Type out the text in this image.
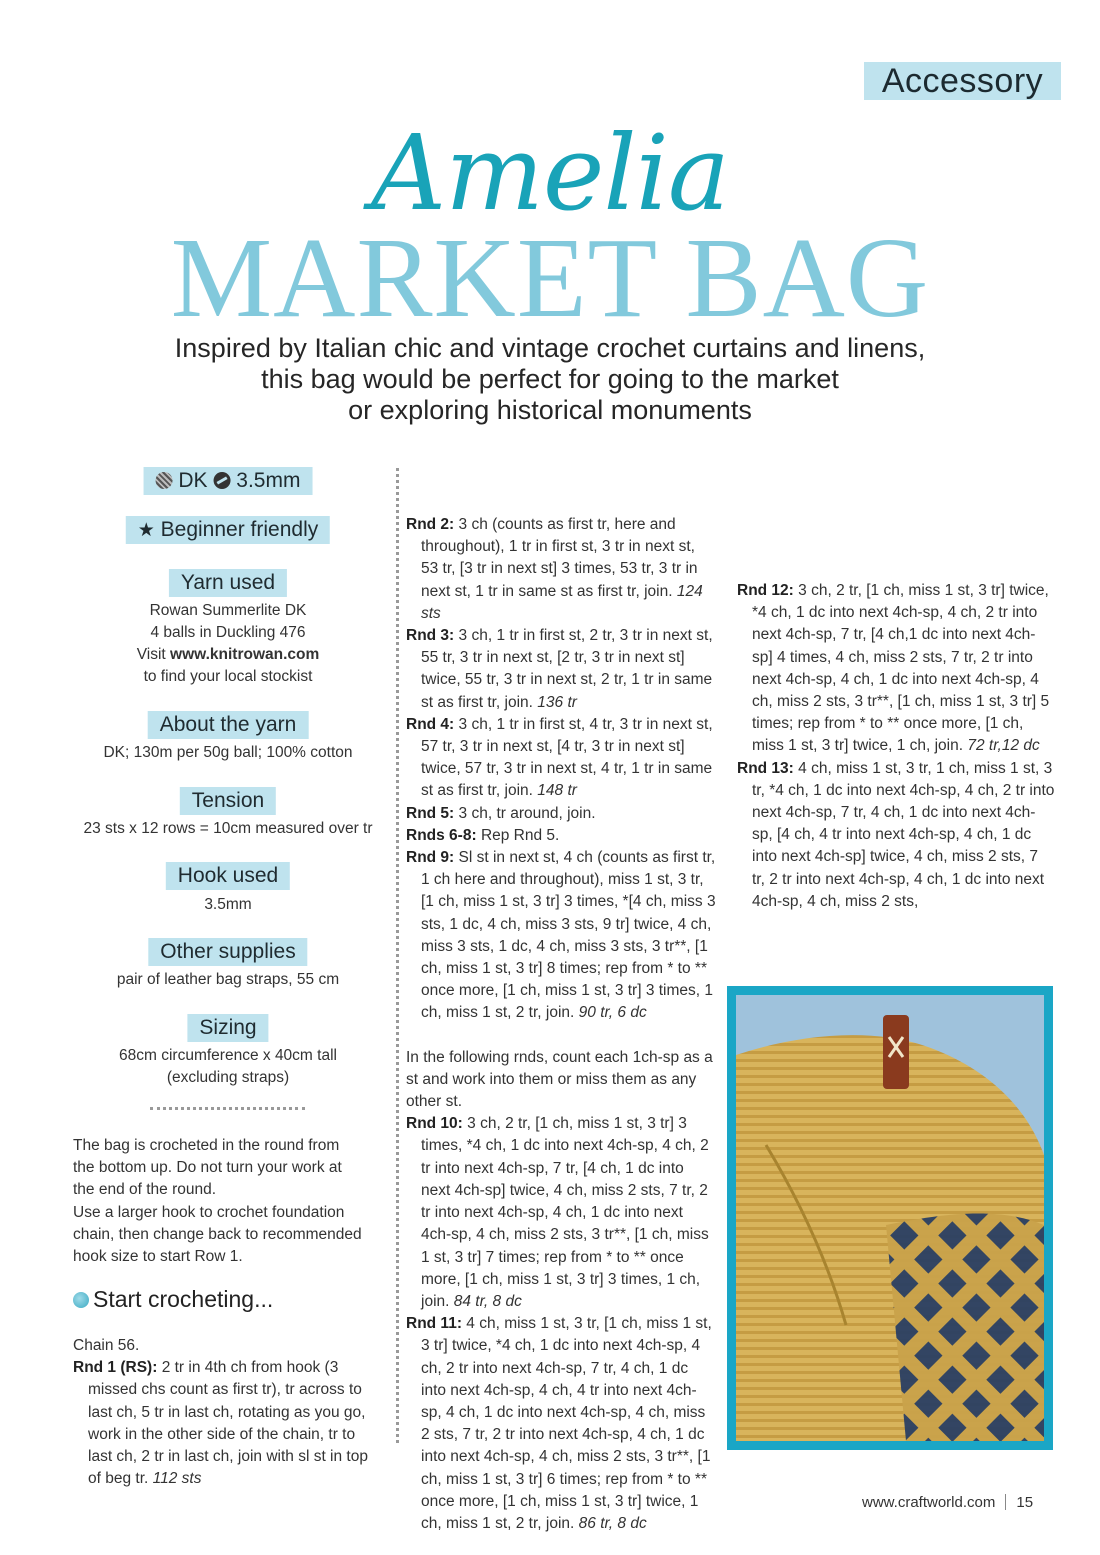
Accessory
Amelia
MARKET BAG
Inspired by Italian chic and vintage crochet curtains and linens,
this bag would be perfect for going to the market
or exploring historical monuments
DK 3.5mm
★ Beginner friendly
Yarn used
Rowan Summerlite DK
4 balls in Duckling 476
Visit www.knitrowan.com
to find your local stockist
About the yarn
DK; 130m per 50g ball; 100% cotton
Tension
23 sts x 12 rows = 10cm measured over tr
Hook used
3.5mm
Other supplies
pair of leather bag straps, 55 cm
Sizing
68cm circumference x 40cm tall
(excluding straps)

The bag is crocheted in the round from

the bottom up. Do not turn your work at

the end of the round.

Use a larger hook to crochet foundation

chain, then change back to recommended

hook size to start Row 1.

Start crocheting...

Chain 56.

Rnd 1 (RS): 2 tr in 4th ch from hook (3 missed chs count as first tr), tr across to last ch, 5 tr in last ch, rotating as you go, work in the other side of the chain, tr to last ch, 2 tr in last ch, join with sl st in top of beg tr. 112 sts

Rnd 2: 3 ch (counts as first tr, here and throughout), 1 tr in first st, 3 tr in next st, 53 tr, [3 tr in next st] 3 times, 53 tr, 3 tr in next st, 1 tr in same st as first tr, join. 124 sts

Rnd 3: 3 ch, 1 tr in first st, 2 tr, 3 tr in next st, 55 tr, 3 tr in next st, [2 tr, 3 tr in next st] twice, 55 tr, 3 tr in next st, 2 tr, 1 tr in same st as first tr, join. 136 tr

Rnd 4: 3 ch, 1 tr in first st, 4 tr, 3 tr in next st, 57 tr, 3 tr in next st, [4 tr, 3 tr in next st] twice, 57 tr, 3 tr in next st, 4 tr, 1 tr in same st as first tr, join. 148 tr

Rnd 5: 3 ch, tr around, join.

Rnds 6-8: Rep Rnd 5.

Rnd 9: Sl st in next st, 4 ch (counts as first tr, 1 ch here and throughout), miss 1 st, 3 tr, [1 ch, miss 1 st, 3 tr] 3 times, *[4 ch, miss 3 sts, 1 dc, 4 ch, miss 3 sts, 9 tr] twice, 4 ch, miss 3 sts, 1 dc, 4 ch, miss 3 sts, 3 tr**, [1 ch, miss 1 st, 3 tr] 8 times; rep from * to ** once more, [1 ch, miss 1 st, 3 tr] 3 times, 1 ch, miss 1 st, 2 tr, join. 90 tr, 6 dc

In the following rnds, count each 1ch-sp as a st and work into them or miss them as any other st.

Rnd 10: 3 ch, 2 tr, [1 ch, miss 1 st, 3 tr] 3 times, *4 ch, 1 dc into next 4ch-sp, 4 ch, 2 tr into next 4ch-sp, 7 tr, [4 ch, 1 dc into next 4ch-sp] twice, 4 ch, miss 2 sts, 7 tr, 2 tr into next 4ch-sp, 4 ch, 1 dc into next 4ch-sp, 4 ch, miss 2 sts, 3 tr**, [1 ch, miss 1 st, 3 tr] 7 times; rep from * to ** once more, [1 ch, miss 1 st, 3 tr] 3 times, 1 ch, join. 84 tr, 8 dc

Rnd 11: 4 ch, miss 1 st, 3 tr, [1 ch, miss 1 st, 3 tr] twice, *4 ch, 1 dc into next 4ch-sp, 4 ch, 2 tr into next 4ch-sp, 7 tr, 4 ch, 1 dc into next 4ch-sp, 4 ch, 4 tr into next 4ch-sp, 4 ch, 1 dc into next 4ch-sp, 4 ch, miss 2 sts, 7 tr, 2 tr into next 4ch-sp, 4 ch, 1 dc into next 4ch-sp, 4 ch, miss 2 sts, 3 tr**, [1 ch, miss 1 st, 3 tr] 6 times; rep from * to ** once more, [1 ch, miss 1 st, 3 tr] twice, 1 ch, miss 1 st, 2 tr, join. 86 tr, 8 dc

Rnd 12: 3 ch, 2 tr, [1 ch, miss 1 st, 3 tr] twice, *4 ch, 1 dc into next 4ch-sp, 4 ch, 2 tr into next 4ch-sp, 7 tr, [4 ch,1 dc into next 4ch-sp] 4 times, 4 ch, miss 2 sts, 7 tr, 2 tr into next 4ch-sp, 4 ch, 1 dc into next 4ch-sp, 4 ch, miss 2 sts, 3 tr**, [1 ch, miss 1 st, 3 tr] 5 times; rep from * to ** once more, [1 ch, miss 1 st, 3 tr] twice, 1 ch, join. 72 tr,12 dc

Rnd 13: 4 ch, miss 1 st, 3 tr, 1 ch, miss 1 st, 3 tr, *4 ch, 1 dc into next 4ch-sp, 4 ch, 2 tr into next 4ch-sp, 7 tr, 4 ch, 1 dc into next 4ch-sp, [4 ch, 4 tr into next 4ch-sp, 4 ch, 1 dc into next 4ch-sp] twice, 4 ch, miss 2 sts, 7 tr, 2 tr into next 4ch-sp, 4 ch, 1 dc into next 4ch-sp, 4 ch, miss 2 sts,

www.craftworld.com 15
